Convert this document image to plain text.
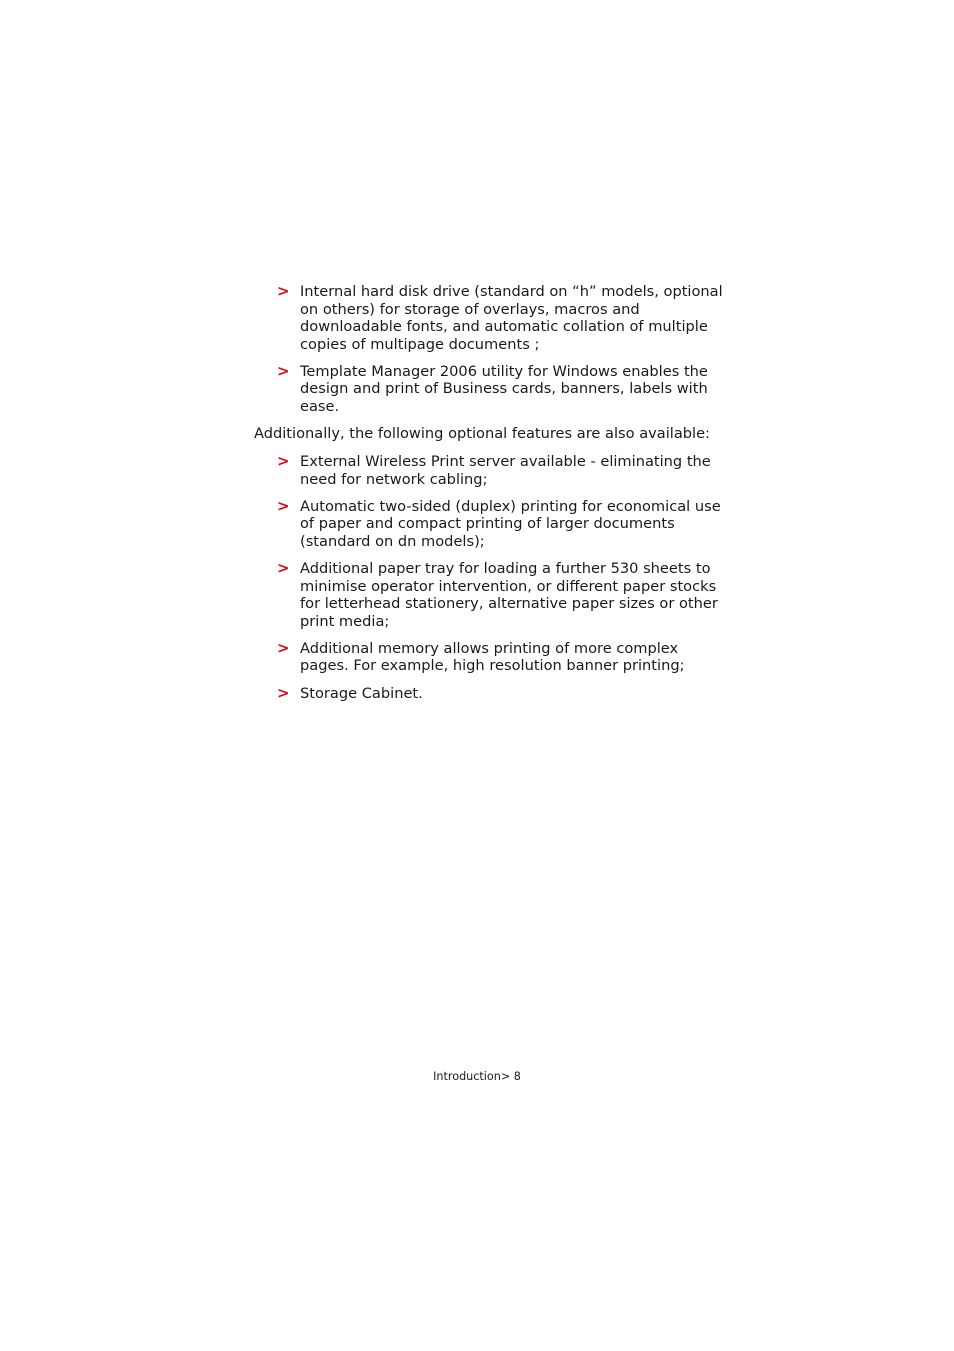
> Internal hard disk drive (standard on “h” models, optional on others) for storage of overlays, macros and downloadable fonts, and automatic collation of multiple copies of multipage documents ;
> Template Manager 2006 utility for Windows enables the design and print of Business cards, banners, labels with ease.

Additionally, the following optional features are also available:

> External Wireless Print server available - eliminating the need for network cabling;
> Automatic two-sided (duplex) printing for economical use of paper and compact printing of larger documents (standard on dn models);
> Additional paper tray for loading a further 530 sheets to minimise operator intervention, or different paper stocks for letterhead stationery, alternative paper sizes or other print media;
> Additional memory allows printing of more complex pages. For example, high resolution banner printing;
> Storage Cabinet.
Introduction> 8
